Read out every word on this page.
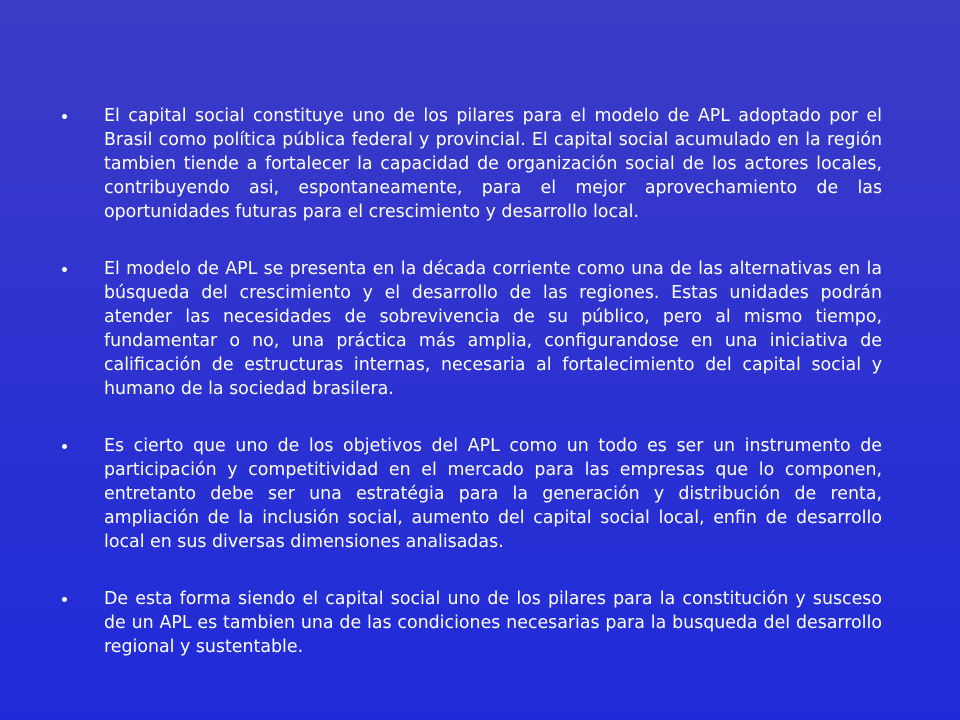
El capital social constituye uno de los pilares para el modelo de APL adoptado por el Brasil como política pública federal y provincial. El capital social acumulado en la región tambien tiende a fortalecer la capacidad de organización social de los actores locales, contribuyendo asi, espontaneamente, para el mejor aprovechamiento de las oportunidades futuras para el crescimiento y desarrollo local.
El modelo de APL se presenta en la década corriente como una de las alternativas en la búsqueda del crescimiento y el desarrollo de las regiones. Estas unidades podrán atender las necesidades de sobrevivencia de su público, pero al mismo tiempo, fundamentar o no, una práctica más amplia, configurandose en una iniciativa de calificación de estructuras internas, necesaria al fortalecimiento del capital social y humano de la sociedad brasilera.
Es cierto que uno de los objetivos del APL como un todo es ser un instrumento de participación y competitividad en el mercado para las empresas que lo componen, entretanto debe ser una estratégia para la generación y distribución de renta, ampliación de la inclusión social, aumento del capital social local, enfin de desarrollo local en sus diversas dimensiones analisadas.
De esta forma siendo el capital social uno de los pilares para la constitución y susceso de un APL es tambien una de las condiciones necesarias para la busqueda del desarrollo regional y sustentable.
